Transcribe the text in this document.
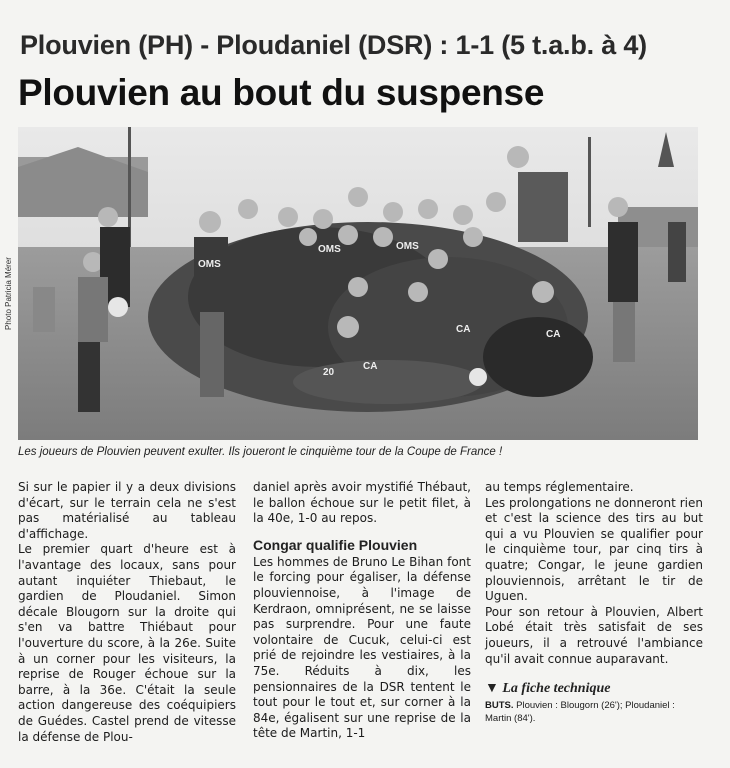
Plouvien (PH) - Ploudaniel (DSR) : 1-1 (5 t.a.b. à 4)
Plouvien au bout du suspense
Photo Patricia Mérer	OMS
OMS	OMS
CA
CA	CA
20
Les joueurs de Plouvien peuvent exulter. Ils joueront le cinquième tour de la Coupe de France !

Si sur le papier il y a deux divisions d'écart, sur le terrain cela ne s'est pas matérialisé au tableau d'affichage.

Le premier quart d'heure est à l'avantage des locaux, sans pour autant inquiéter Thiebaut, le gardien de Ploudaniel. Simon décale Blougorn sur la droite qui s'en va battre Thiébaut pour l'ouverture du score, à la 26e. Suite à un corner pour les visiteurs, la reprise de Rouger échoue sur la barre, à la 36e. C'était la seule action dangereuse des coéquipiers de Guédes. Castel prend de vitesse la défense de Plou-

daniel après avoir mystifié Thébaut, le ballon échoue sur le petit filet, à la 40e, 1-0 au repos.

Congar qualifie Plouvien

Les hommes de Bruno Le Bihan font le forcing pour égaliser, la défense plouviennoise, à l'image de Kerdraon, omniprésent, ne se laisse pas surprendre. Pour une faute volontaire de Cucuk, celui-ci est prié de rejoindre les vestiaires, à la 75e. Réduits à dix, les pensionnaires de la DSR tentent le tout pour le tout et, sur corner à la 84e, égalisent sur une reprise de la tête de Martin, 1-1

au temps réglementaire.

Les prolongations ne donneront rien et c'est la science des tirs au but qui a vu Plouvien se qualifier pour le cinquième tour, par cinq tirs à quatre; Congar, le jeune gardien plouviennois, arrêtant le tir de Uguen.

Pour son retour à Plouvien, Albert Lobé était très satisfait de ses joueurs, il a retrouvé l'ambiance qu'il avait connue auparavant.

▼ La fiche technique
BUTS. Plouvien : Blougorn (26'); Ploudaniel : Martin (84').
